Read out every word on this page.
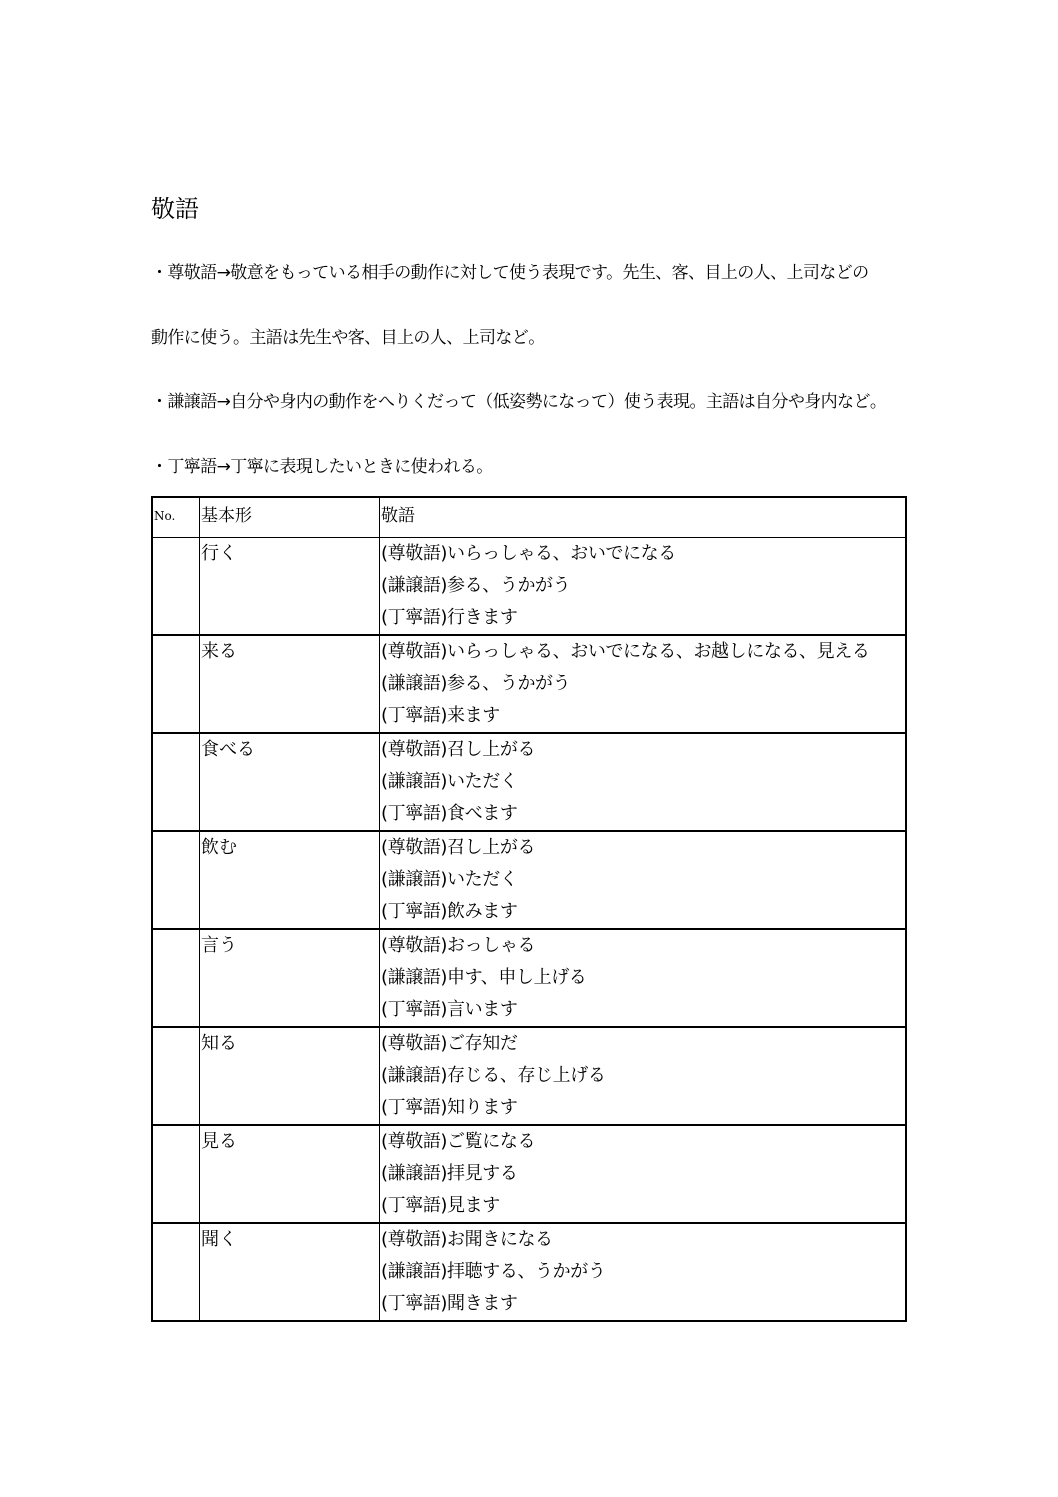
敬語
・尊敬語→敬意をもっている相手の動作に対して使う表現です。先生、客、目上の人、上司などの
動作に使う。主語は先生や客、目上の人、上司など。
・謙譲語→自分や身内の動作をへりくだって（低姿勢になって）使う表現。主語は自分や身内など。
・丁寧語→丁寧に表現したいときに使われる。
No.	基本形	敬語
	行く	(尊敬語)いらっしゃる、おいでになる
(謙譲語)参る、うかがう
(丁寧語)行きます

	来る	(尊敬語)いらっしゃる、おいでになる、お越しになる、見える
(謙譲語)参る、うかがう
(丁寧語)来ます

	食べる	(尊敬語)召し上がる
(謙譲語)いただく
(丁寧語)食べます

	飲む	(尊敬語)召し上がる
(謙譲語)いただく
(丁寧語)飲みます

	言う	(尊敬語)おっしゃる
(謙譲語)申す、申し上げる
(丁寧語)言います

	知る	(尊敬語)ご存知だ
(謙譲語)存じる、存じ上げる
(丁寧語)知ります

	見る	(尊敬語)ご覧になる
(謙譲語)拝見する
(丁寧語)見ます

	聞く	(尊敬語)お聞きになる
(謙譲語)拝聴する、うかがう
(丁寧語)聞きます
